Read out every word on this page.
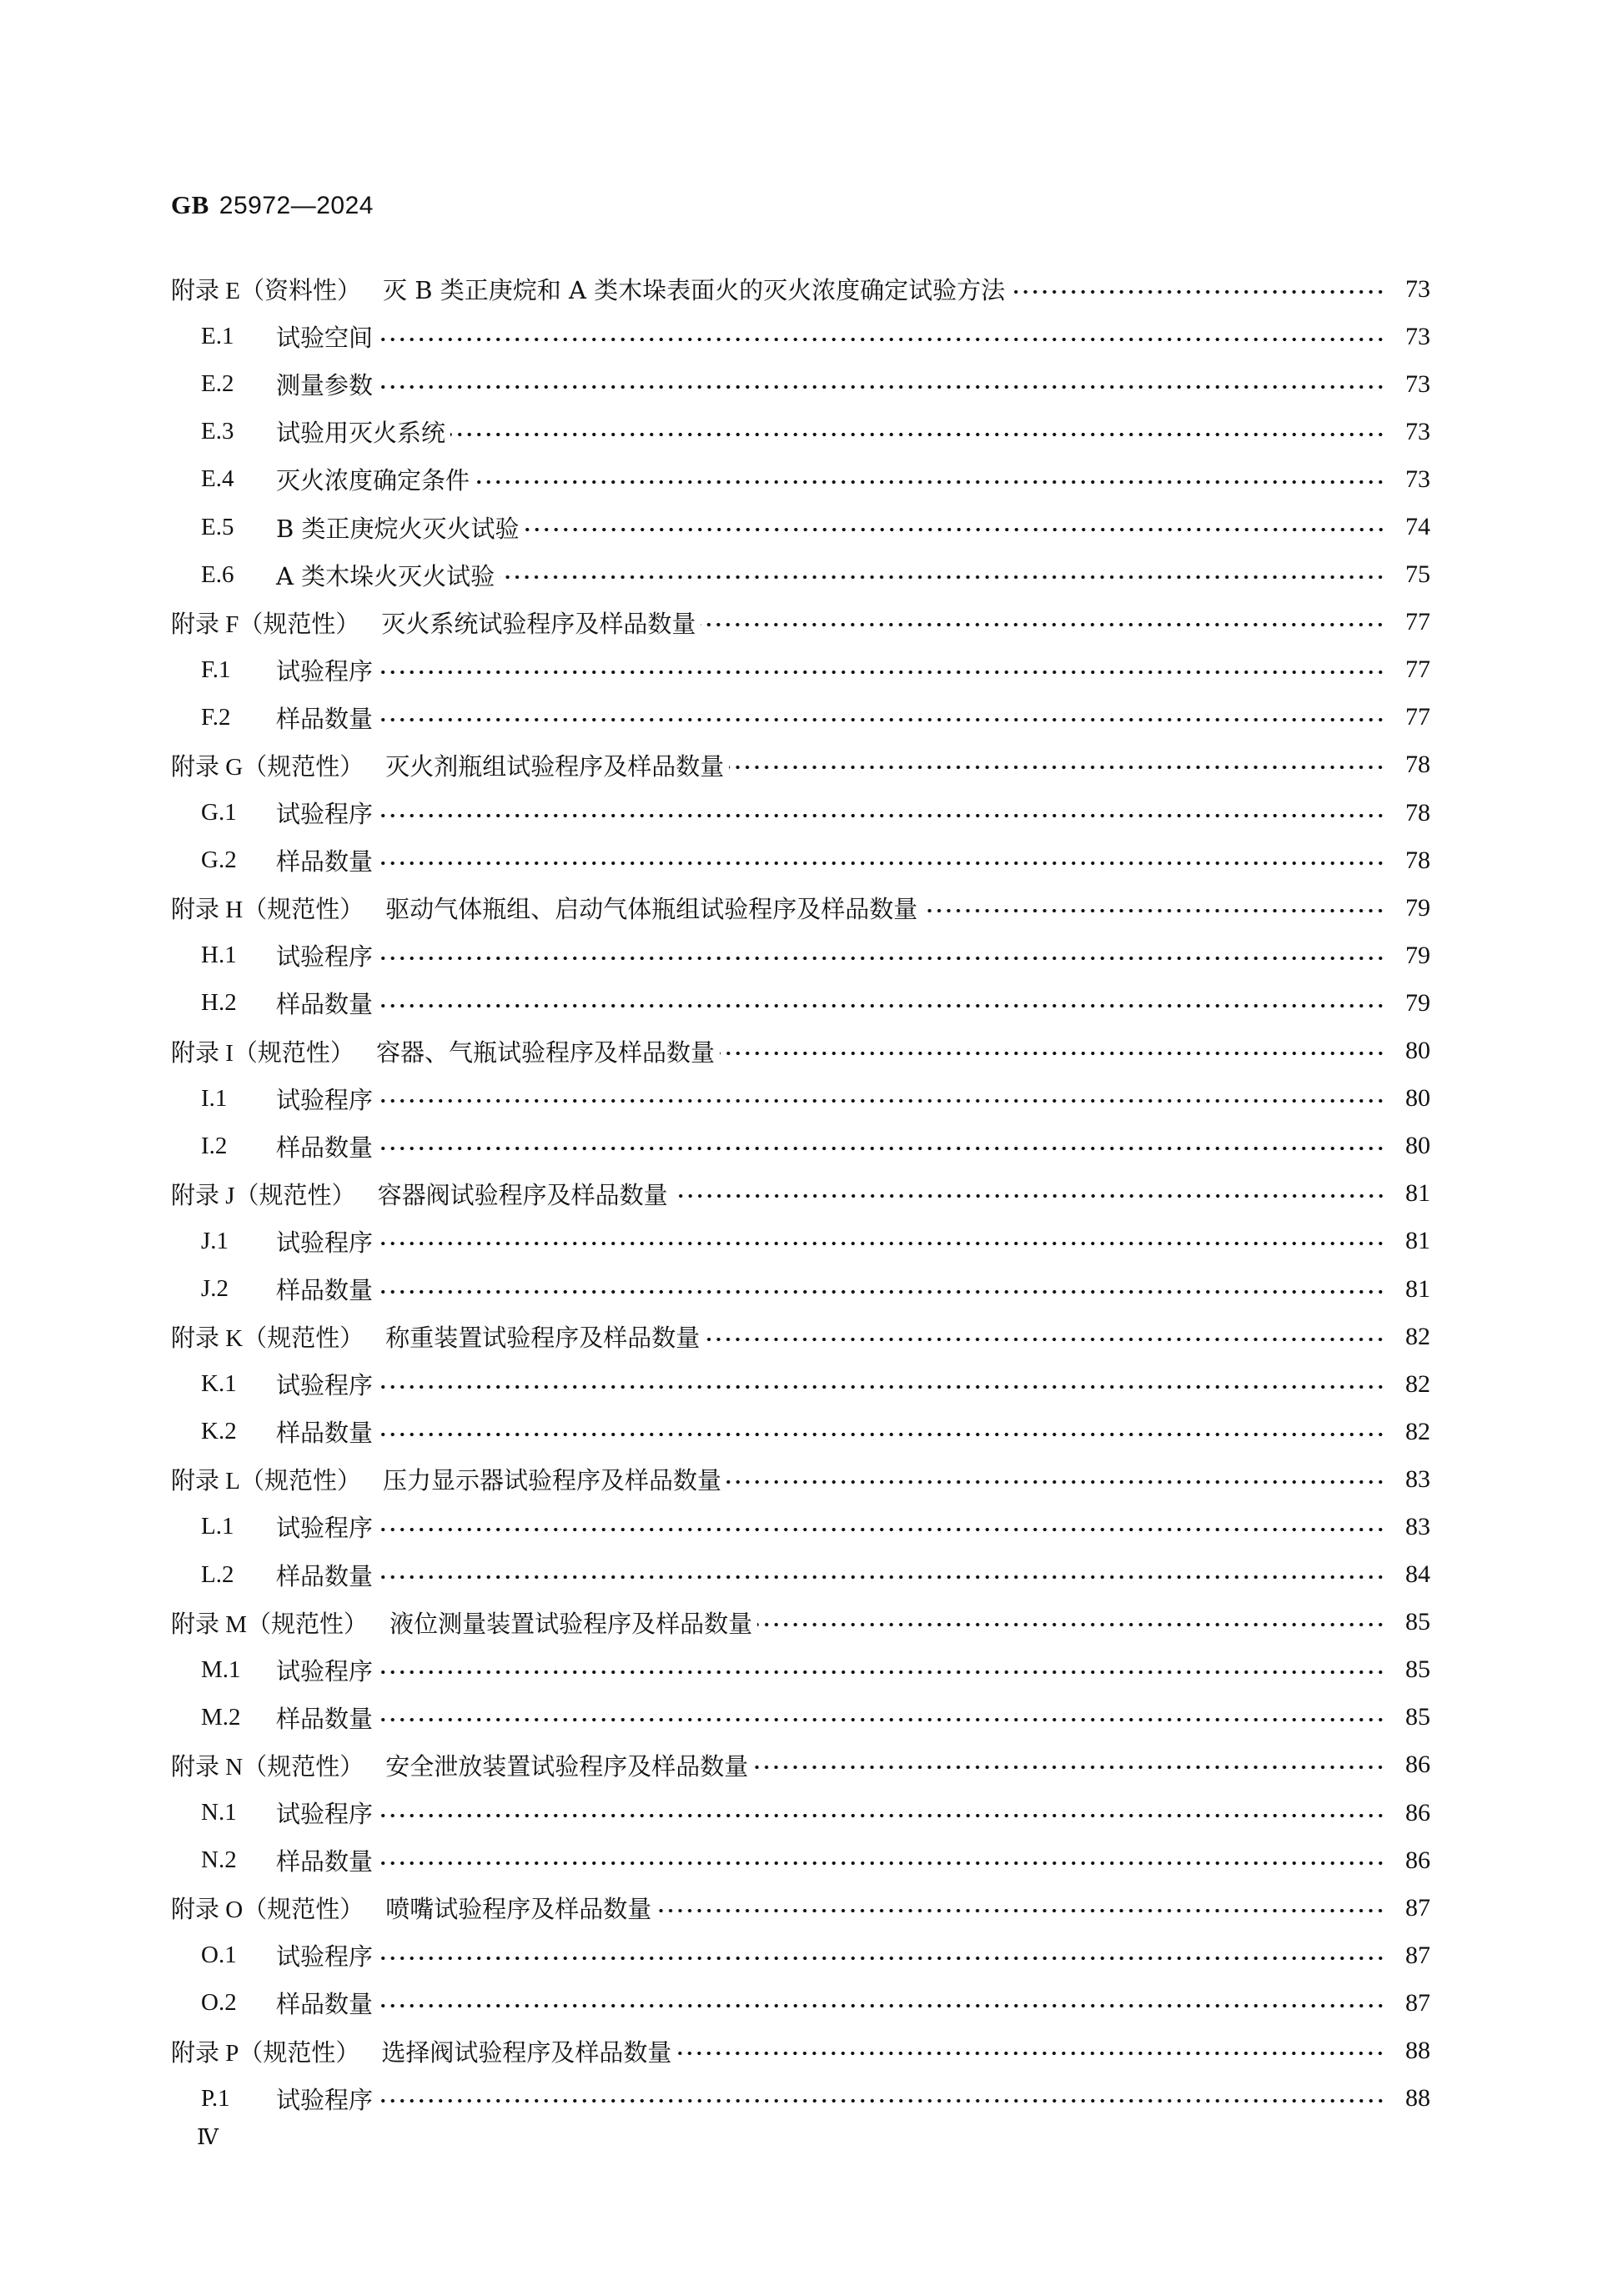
GB 25972—2024
附录 E （资料性） 灭 B 类正庚烷和 A 类木垛表面火的灭火浓度确定试验方法	73
E.1	试验空间	73
E.2	测量参数	73
E.3	试验用灭火系统	73
E.4	灭火浓度确定条件	73
E.5	B 类正庚烷火灭火试验	74
E.6	A 类木垛火灭火试验	75
附录 F （规范性） 灭火系统试验程序及样品数量	77
F.1	试验程序	77
F.2	样品数量	77
附录 G （规范性） 灭火剂瓶组试验程序及样品数量	78
G.1	试验程序	78
G.2	样品数量	78
附录 H （规范性） 驱动气体瓶组、启动气体瓶组试验程序及样品数量	79
H.1	试验程序	79
H.2	样品数量	79
附录 I （规范性） 容器、气瓶试验程序及样品数量	80
I.1	试验程序	80
I.2	样品数量	80
附录 J （规范性） 容器阀试验程序及样品数量	81
J.1	试验程序	81
J.2	样品数量	81
附录 K （规范性） 称重装置试验程序及样品数量	82
K.1	试验程序	82
K.2	样品数量	82
附录 L （规范性） 压力显示器试验程序及样品数量	83
L.1	试验程序	83
L.2	样品数量	84
附录 M （规范性） 液位测量装置试验程序及样品数量	85
M.1	试验程序	85
M.2	样品数量	85
附录 N （规范性） 安全泄放装置试验程序及样品数量	86
N.1	试验程序	86
N.2	样品数量	86
附录 O （规范性） 喷嘴试验程序及样品数量	87
O.1	试验程序	87
O.2	样品数量	87
附录 P （规范性） 选择阀试验程序及样品数量	88
P.1	试验程序	88
Ⅳ
